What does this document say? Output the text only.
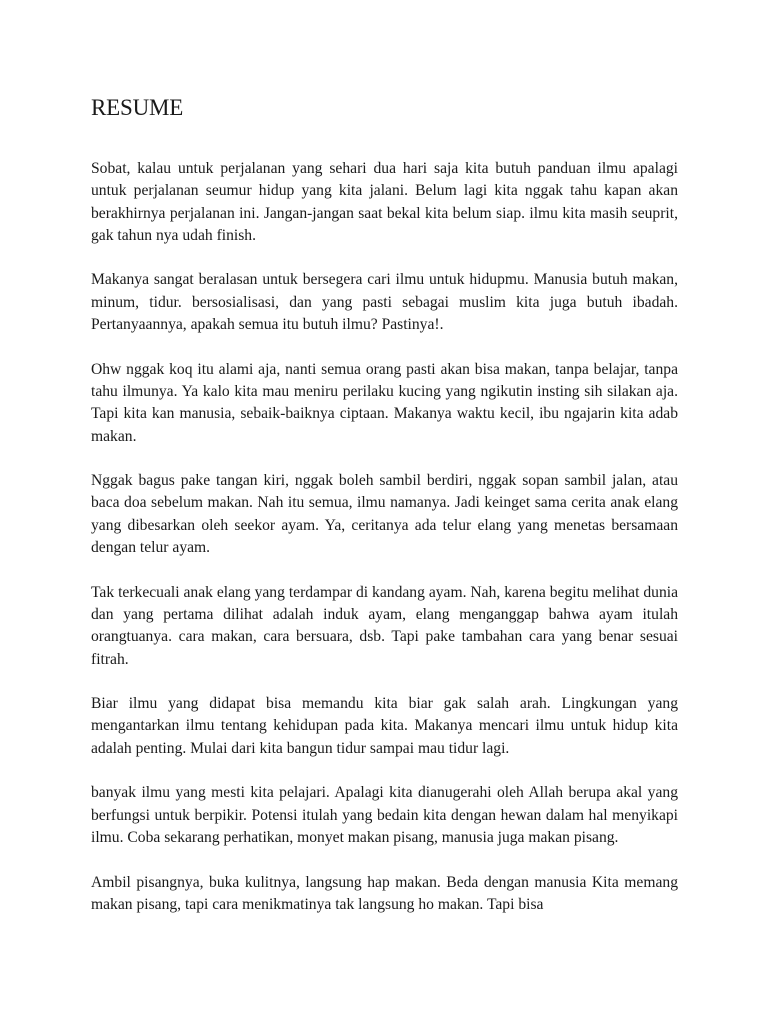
RESUME

Sobat, kalau untuk perjalanan yang sehari dua hari saja kita butuh panduan ilmu apalagi untuk perjalanan seumur hidup yang kita jalani. Belum lagi kita nggak tahu kapan akan berakhirnya perjalanan ini. Jangan-jangan saat bekal kita belum siap. ilmu kita masih seuprit, gak tahun nya udah finish.

Makanya sangat beralasan untuk bersegera cari ilmu untuk hidupmu. Manusia butuh makan, minum, tidur. bersosialisasi, dan yang pasti sebagai muslim kita juga butuh ibadah. Pertanyaannya, apakah semua itu butuh ilmu? Pastinya!.

Ohw nggak koq itu alami aja, nanti semua orang pasti akan bisa makan, tanpa belajar, tanpa tahu ilmunya. Ya kalo kita mau meniru perilaku kucing yang ngikutin insting sih silakan aja. Tapi kita kan manusia, sebaik-baiknya ciptaan. Makanya waktu kecil, ibu ngajarin kita adab makan.

Nggak bagus pake tangan kiri, nggak boleh sambil berdiri, nggak sopan sambil jalan, atau baca doa sebelum makan. Nah itu semua, ilmu namanya. Jadi keinget sama cerita anak elang yang dibesarkan oleh seekor ayam. Ya, ceritanya ada telur elang yang menetas bersamaan dengan telur ayam.

Tak terkecuali anak elang yang terdampar di kandang ayam. Nah, karena begitu melihat dunia dan yang pertama dilihat adalah induk ayam, elang menganggap bahwa ayam itulah orangtuanya. cara makan, cara bersuara, dsb. Tapi pake tambahan cara yang benar sesuai fitrah.

Biar ilmu yang didapat bisa memandu kita biar gak salah arah. Lingkungan yang mengantarkan ilmu tentang kehidupan pada kita. Makanya mencari ilmu untuk hidup kita adalah penting. Mulai dari kita bangun tidur sampai mau tidur lagi.

banyak ilmu yang mesti kita pelajari. Apalagi kita dianugerahi oleh Allah berupa akal yang berfungsi untuk berpikir. Potensi itulah yang bedain kita dengan hewan dalam hal menyikapi ilmu. Coba sekarang perhatikan, monyet makan pisang, manusia juga makan pisang.

Ambil pisangnya, buka kulitnya, langsung hap makan. Beda dengan manusia Kita memang makan pisang, tapi cara menikmatinya tak langsung ho makan. Tapi bisa
